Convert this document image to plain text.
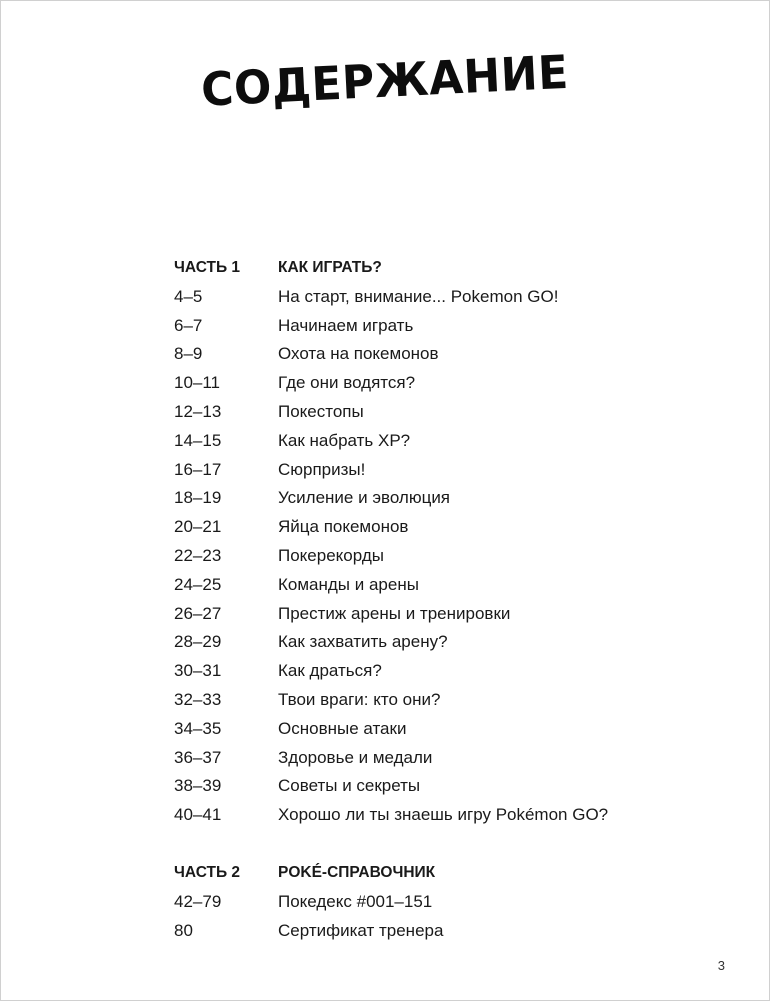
СОДЕРЖАНИЕ
ЧАСТЬ 1	КАК ИГРАТЬ?
4–5	На старт, внимание... Pokemon GO!
6–7	Начинаем играть
8–9	Охота на покемонов
10–11	Где они водятся?
12–13	Покестопы
14–15	Как набрать ХР?
16–17	Сюрпризы!
18–19	Усиление и эволюция
20–21	Яйца покемонов
22–23	Покерекорды
24–25	Команды и арены
26–27	Престиж арены и тренировки
28–29	Как захватить арену?
30–31	Как драться?
32–33	Твои враги: кто они?
34–35	Основные атаки
36–37	Здоровье и медали
38–39	Советы и секреты
40–41	Хорошо ли ты знаешь игру Pokémon GO?
ЧАСТЬ 2	POKÉ-СПРАВОЧНИК
42–79	Покедекс #001–151
80	Сертификат тренера
3
